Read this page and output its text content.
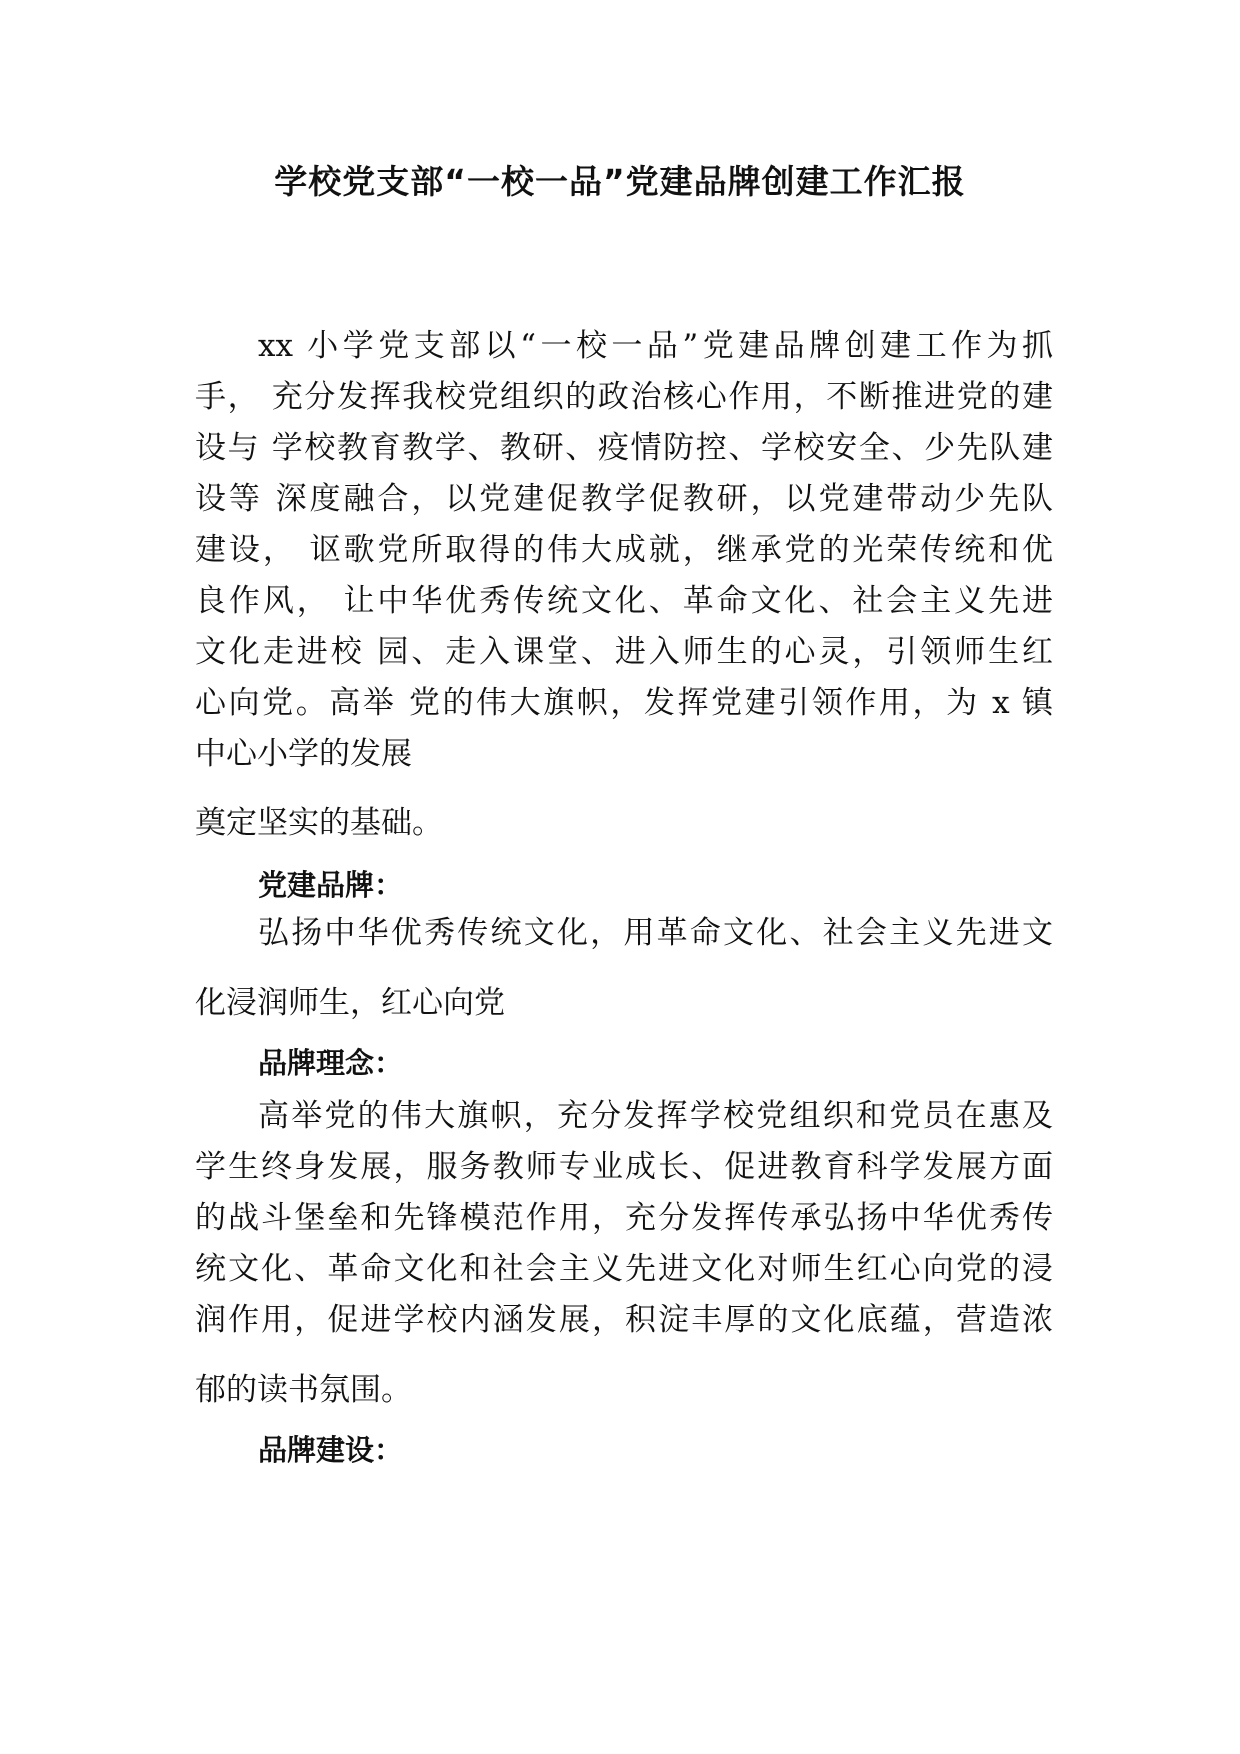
学校党支部“一校一品”党建品牌创建工作汇报
xx 小学党支部以“一校一品”党建品牌创建工作为抓
手， 充分发挥我校党组织的政治核心作用，不断推进党的建
设与 学校教育教学、教研、疫情防控、学校安全、少先队建
设等 深度融合，以党建促教学促教研，以党建带动少先队
建设， 讴歌党所取得的伟大成就，继承党的光荣传统和优
良作风， 让中华优秀传统文化、革命文化、社会主义先进
文化走进校 园、走入课堂、进入师生的心灵，引领师生红
心向党。高举 党的伟大旗帜，发挥党建引领作用，为 x 镇
中心小学的发展
奠定坚实的基础。
党建品牌：
弘扬中华优秀传统文化，用革命文化、社会主义先进文
化浸润师生，红心向党
品牌理念：
高举党的伟大旗帜，充分发挥学校党组织和党员在惠及
学生终身发展，服务教师专业成长、促进教育科学发展方面
的战斗堡垒和先锋模范作用，充分发挥传承弘扬中华优秀传
统文化、革命文化和社会主义先进文化对师生红心向党的浸
润作用，促进学校内涵发展，积淀丰厚的文化底蕴，营造浓
郁的读书氛围。
品牌建设：
